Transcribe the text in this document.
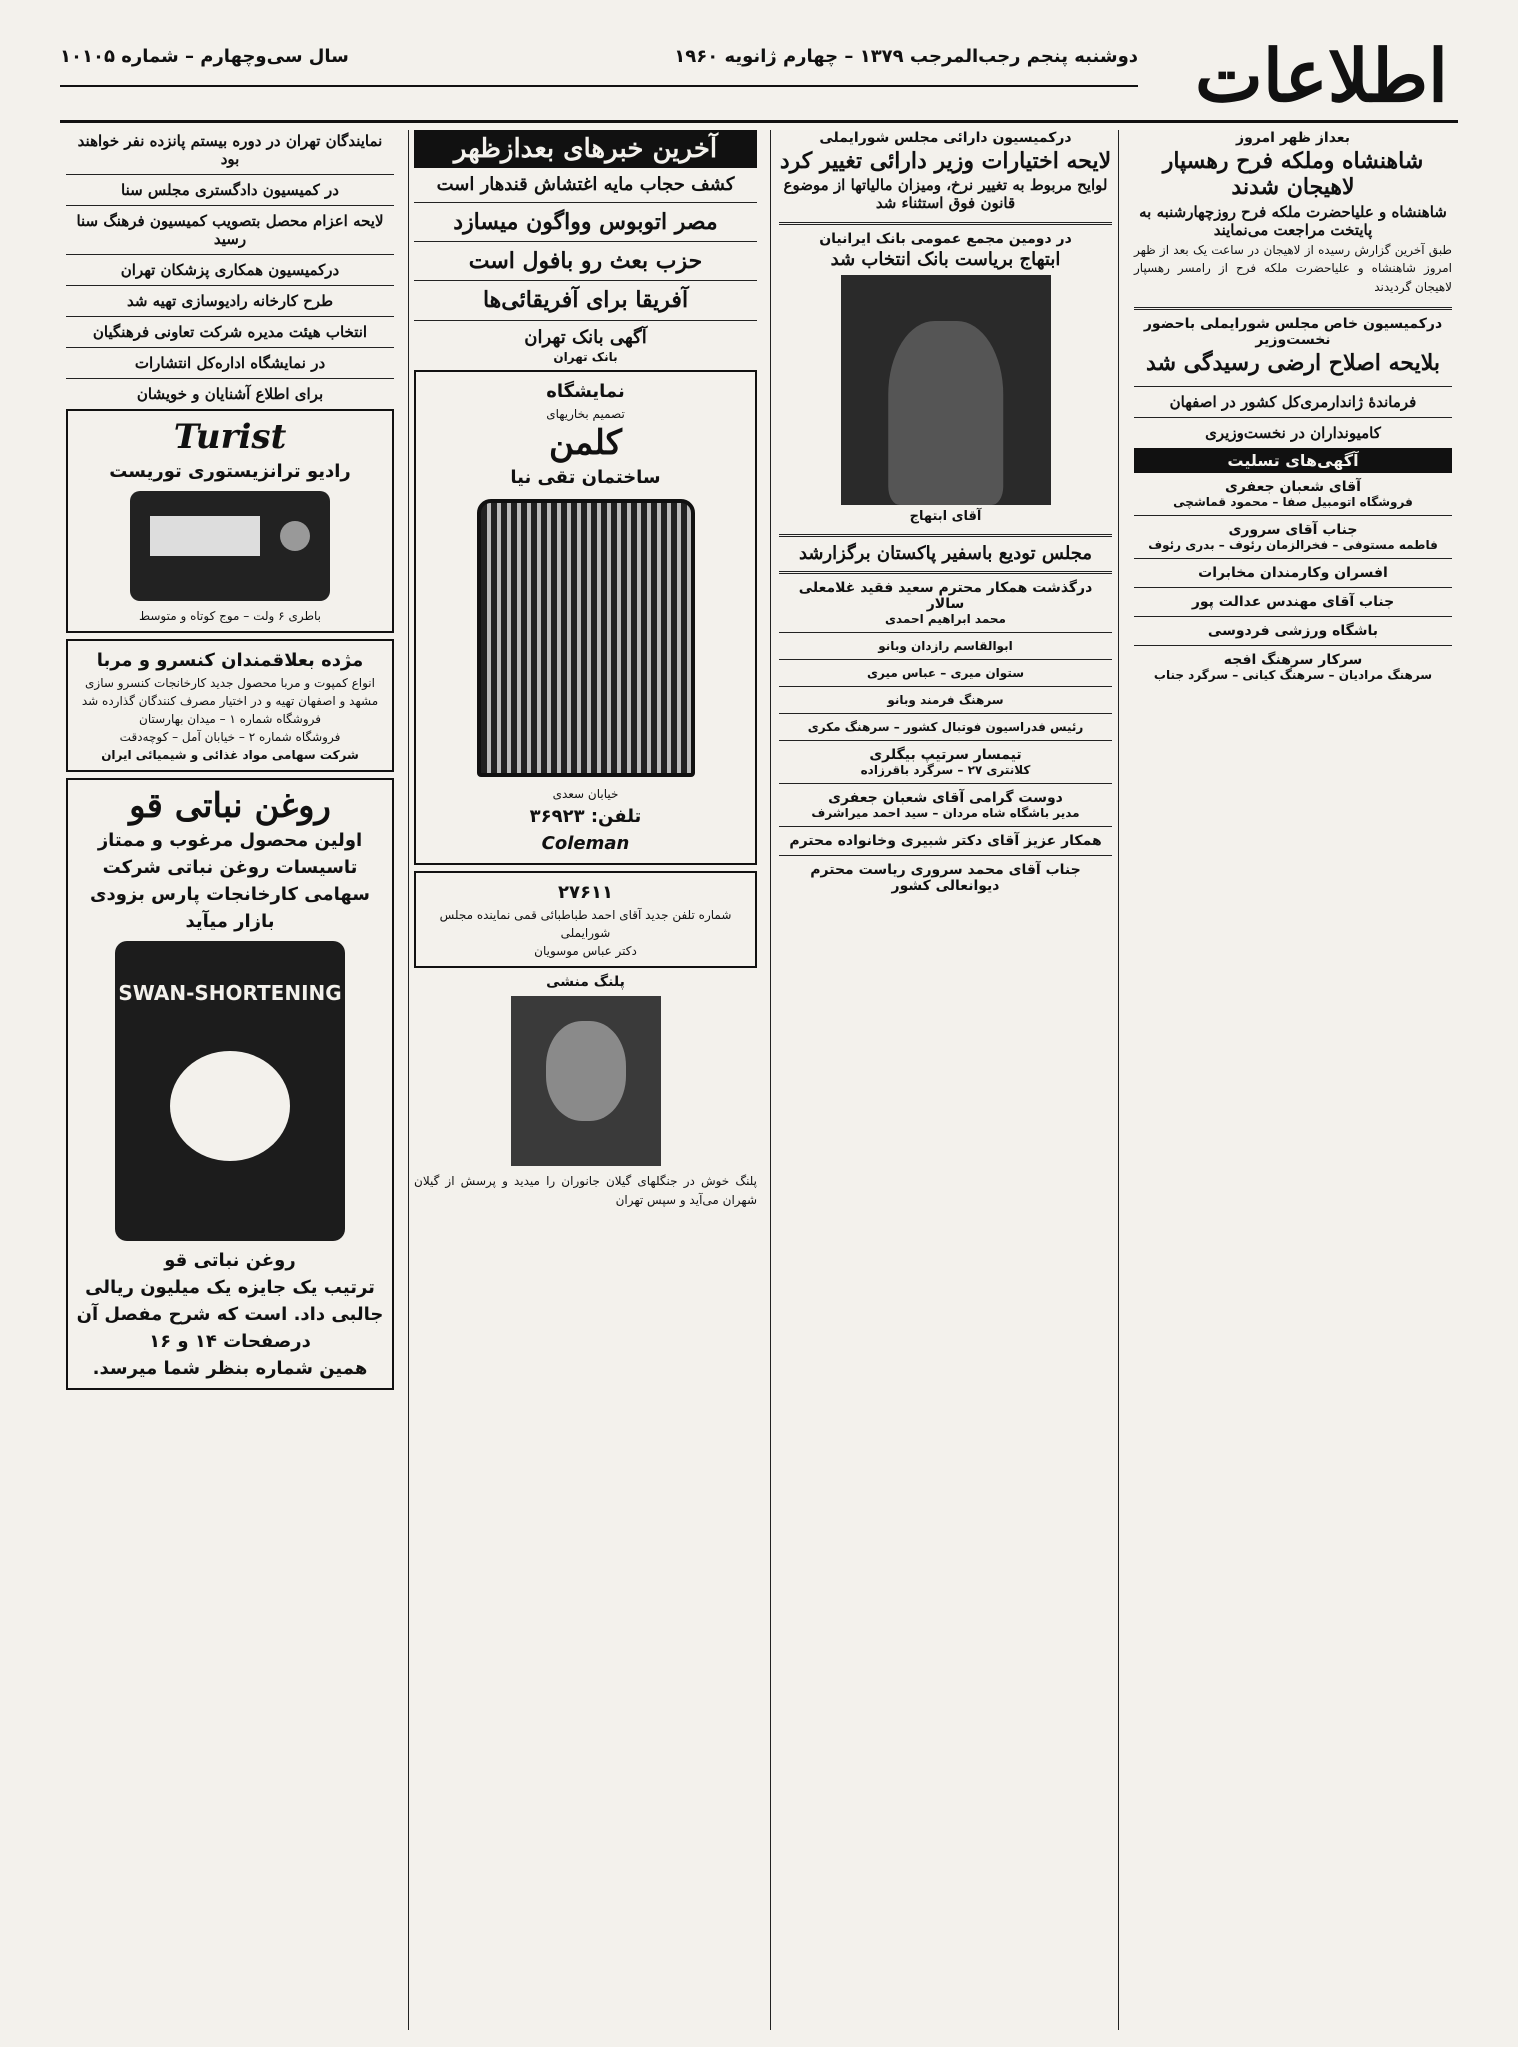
اطلاعات
دوشنبه پنجم رجب‌المرجب ۱۳۷۹ – چهارم ژانویه ۱۹۶۰
سال سی‌وچهارم – شماره ۱۰۱۰۵
بعداز ظهر امروز
شاهنشاه وملکه فرح رهسپار لاهیجان شدند
شاهنشاه و علیاحضرت ملکه فرح روزچهارشنبه به پایتخت مراجعت می‌نمایند
طبق آخرین گزارش رسیده از لاهیجان در ساعت یک بعد از ظهر امروز شاهنشاه و علیاحضرت ملکه فرح از رامسر رهسپار لاهیجان گردیدند
درکمیسیون خاص مجلس شورایملی باحضور نخست‌وزیر
بلایحه اصلاح ارضی رسیدگی شد
فرماندهٔ ژاندارمری‌کل کشور در اصفهان
کامیونداران در نخست‌وزیری
آگهی‌های تسلیت
آقای شعبان جعفری
فروشگاه اتومبیل صفا – محمود قماشچی
جناب آقای سروری
فاطمه مستوفی – فخرالزمان رئوف – بدری رئوف
افسران وکارمندان مخابرات
جناب آقای مهندس عدالت پور
باشگاه ورزشی فردوسی
سرکار سرهنگ افجه
سرهنگ مرادیان – سرهنگ کیانی – سرگرد جناب
درکمیسیون دارائی مجلس شورایملی
لایحه اختیارات وزیر دارائی تغییر کرد
لوایح مربوط به تغییر نرخ، ومیزان مالیاتها از موضوع قانون فوق استثناء شد
در دومین مجمع عمومی بانک ایرانیان
ابتهاج بریاست بانک انتخاب شد
آقای ابتهاج
مجلس تودیع باسفیر پاکستان برگزارشد
درگذشت همکار محترم سعید فقید غلامعلی سالار
محمد ابراهیم احمدی
ابوالقاسم رازدان وبانو
ستوان میری – عباس میری
سرهنگ فرمند وبانو
رئیس فدراسیون فوتبال کشور – سرهنگ مکری
تیمسار سرتیپ بیگلری
کلانتری ۲۷ – سرگرد باقرزاده
دوست گرامی آقای شعبان جعفری
مدیر باشگاه شاه مردان – سید احمد میراشرف
همکار عزیز آقای دکتر شبیری وخانواده محترم
جناب آقای محمد سروری ریاست محترم دیوانعالی کشور
آخرین خبرهای بعدازظهر
کشف حجاب مایه اغتشاش قندهار است
مصر اتوبوس وواگون میسازد
حزب بعث رو بافول است
آفریقا برای آفریقائی‌ها
آگهی بانک تهران
بانک تهران
نمایشگاه
تصمیم بخاریهای
کلمن
ساختمان تقی نیا
خیابان سعدی
تلفن: ۳۶۹۲۳
Coleman
۲۷۶۱۱
شماره تلفن جدید آقای احمد طباطبائی قمی نماینده مجلس شورایملی
دکتر عباس موسویان
پلنگ منشی
پلنگ خوش در جنگلهای گیلان جانوران را میدید و پرسش از گیلان شهران می‌آید و سپس تهران
نمایندگان تهران در دوره بیستم پانزده نفر خواهند بود
در کمیسیون دادگستری مجلس سنا
لایحه اعزام محصل بتصویب کمیسیون فرهنگ سنا رسید
درکمیسیون همکاری پزشکان تهران
طرح کارخانه رادیوسازی تهیه شد
انتخاب هیئت مدیره شرکت تعاونی فرهنگیان
در نمایشگاه اداره‌کل انتشارات
برای اطلاع آشنایان و خویشان
Turist
رادیو ترانزیستوری توریست
باطری ۶ ولت – موج کوتاه و متوسط
مژده بعلاقمندان کنسرو و مربا
انواع کمپوت و مربا محصول جدید کارخانجات کنسرو سازی مشهد و اصفهان تهیه و در اختیار مصرف کنندگان گذارده شد
فروشگاه شماره ۱ – میدان بهارستان
فروشگاه شماره ۲ – خیابان آمل – کوچه‌دقت
شرکت سهامی مواد غذائی و شیمیائی ایران
روغن نباتی قو
اولین محصول مرغوب و ممتاز تاسیسات روغن نباتی شرکت سهامی کارخانجات پارس بزودی بازار میآید
SWAN-SHORTENING
روغن نباتی قو
ترتیب یک جایزه یک میلیون ریالی جالبی داد. است که شرح مفصل آن درصفحات ۱۴ و ۱۶
همین شماره بنظر شما میرسد.
